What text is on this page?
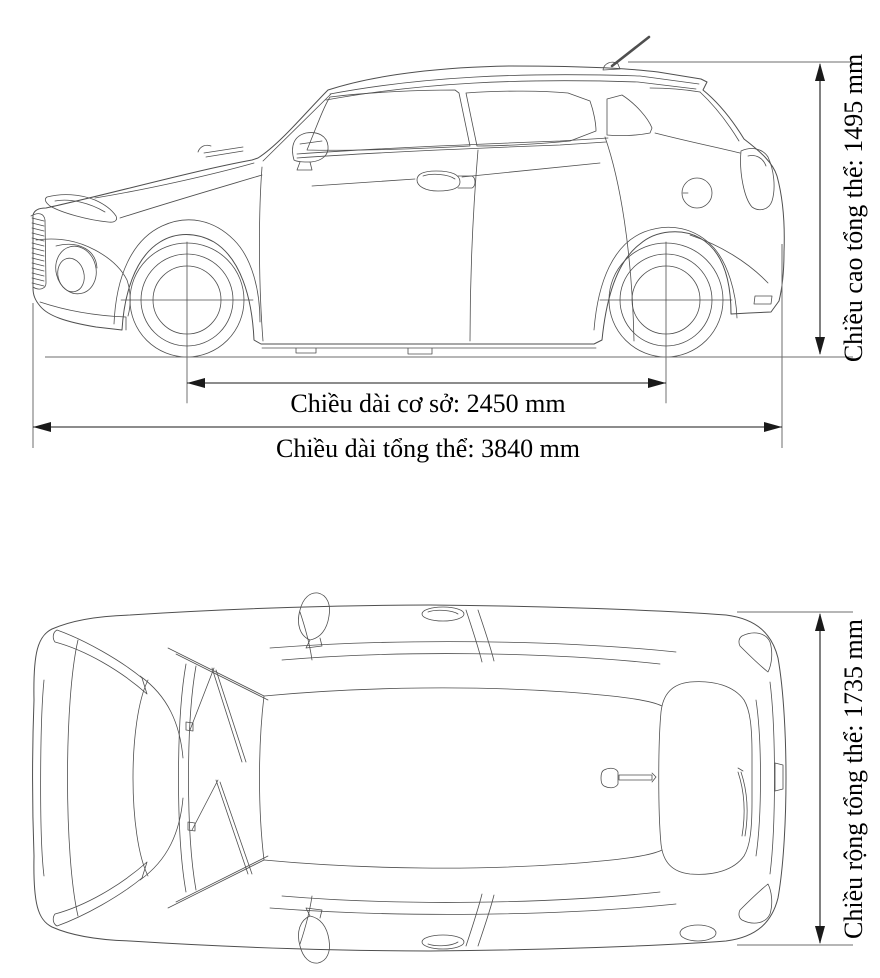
Chiều cao tổng thể: 1495 mm
Chiều dài cơ sở: 2450 mm
Chiều dài tổng thể: 3840 mm
Chiều rộng tổng thể: 1735 mm
